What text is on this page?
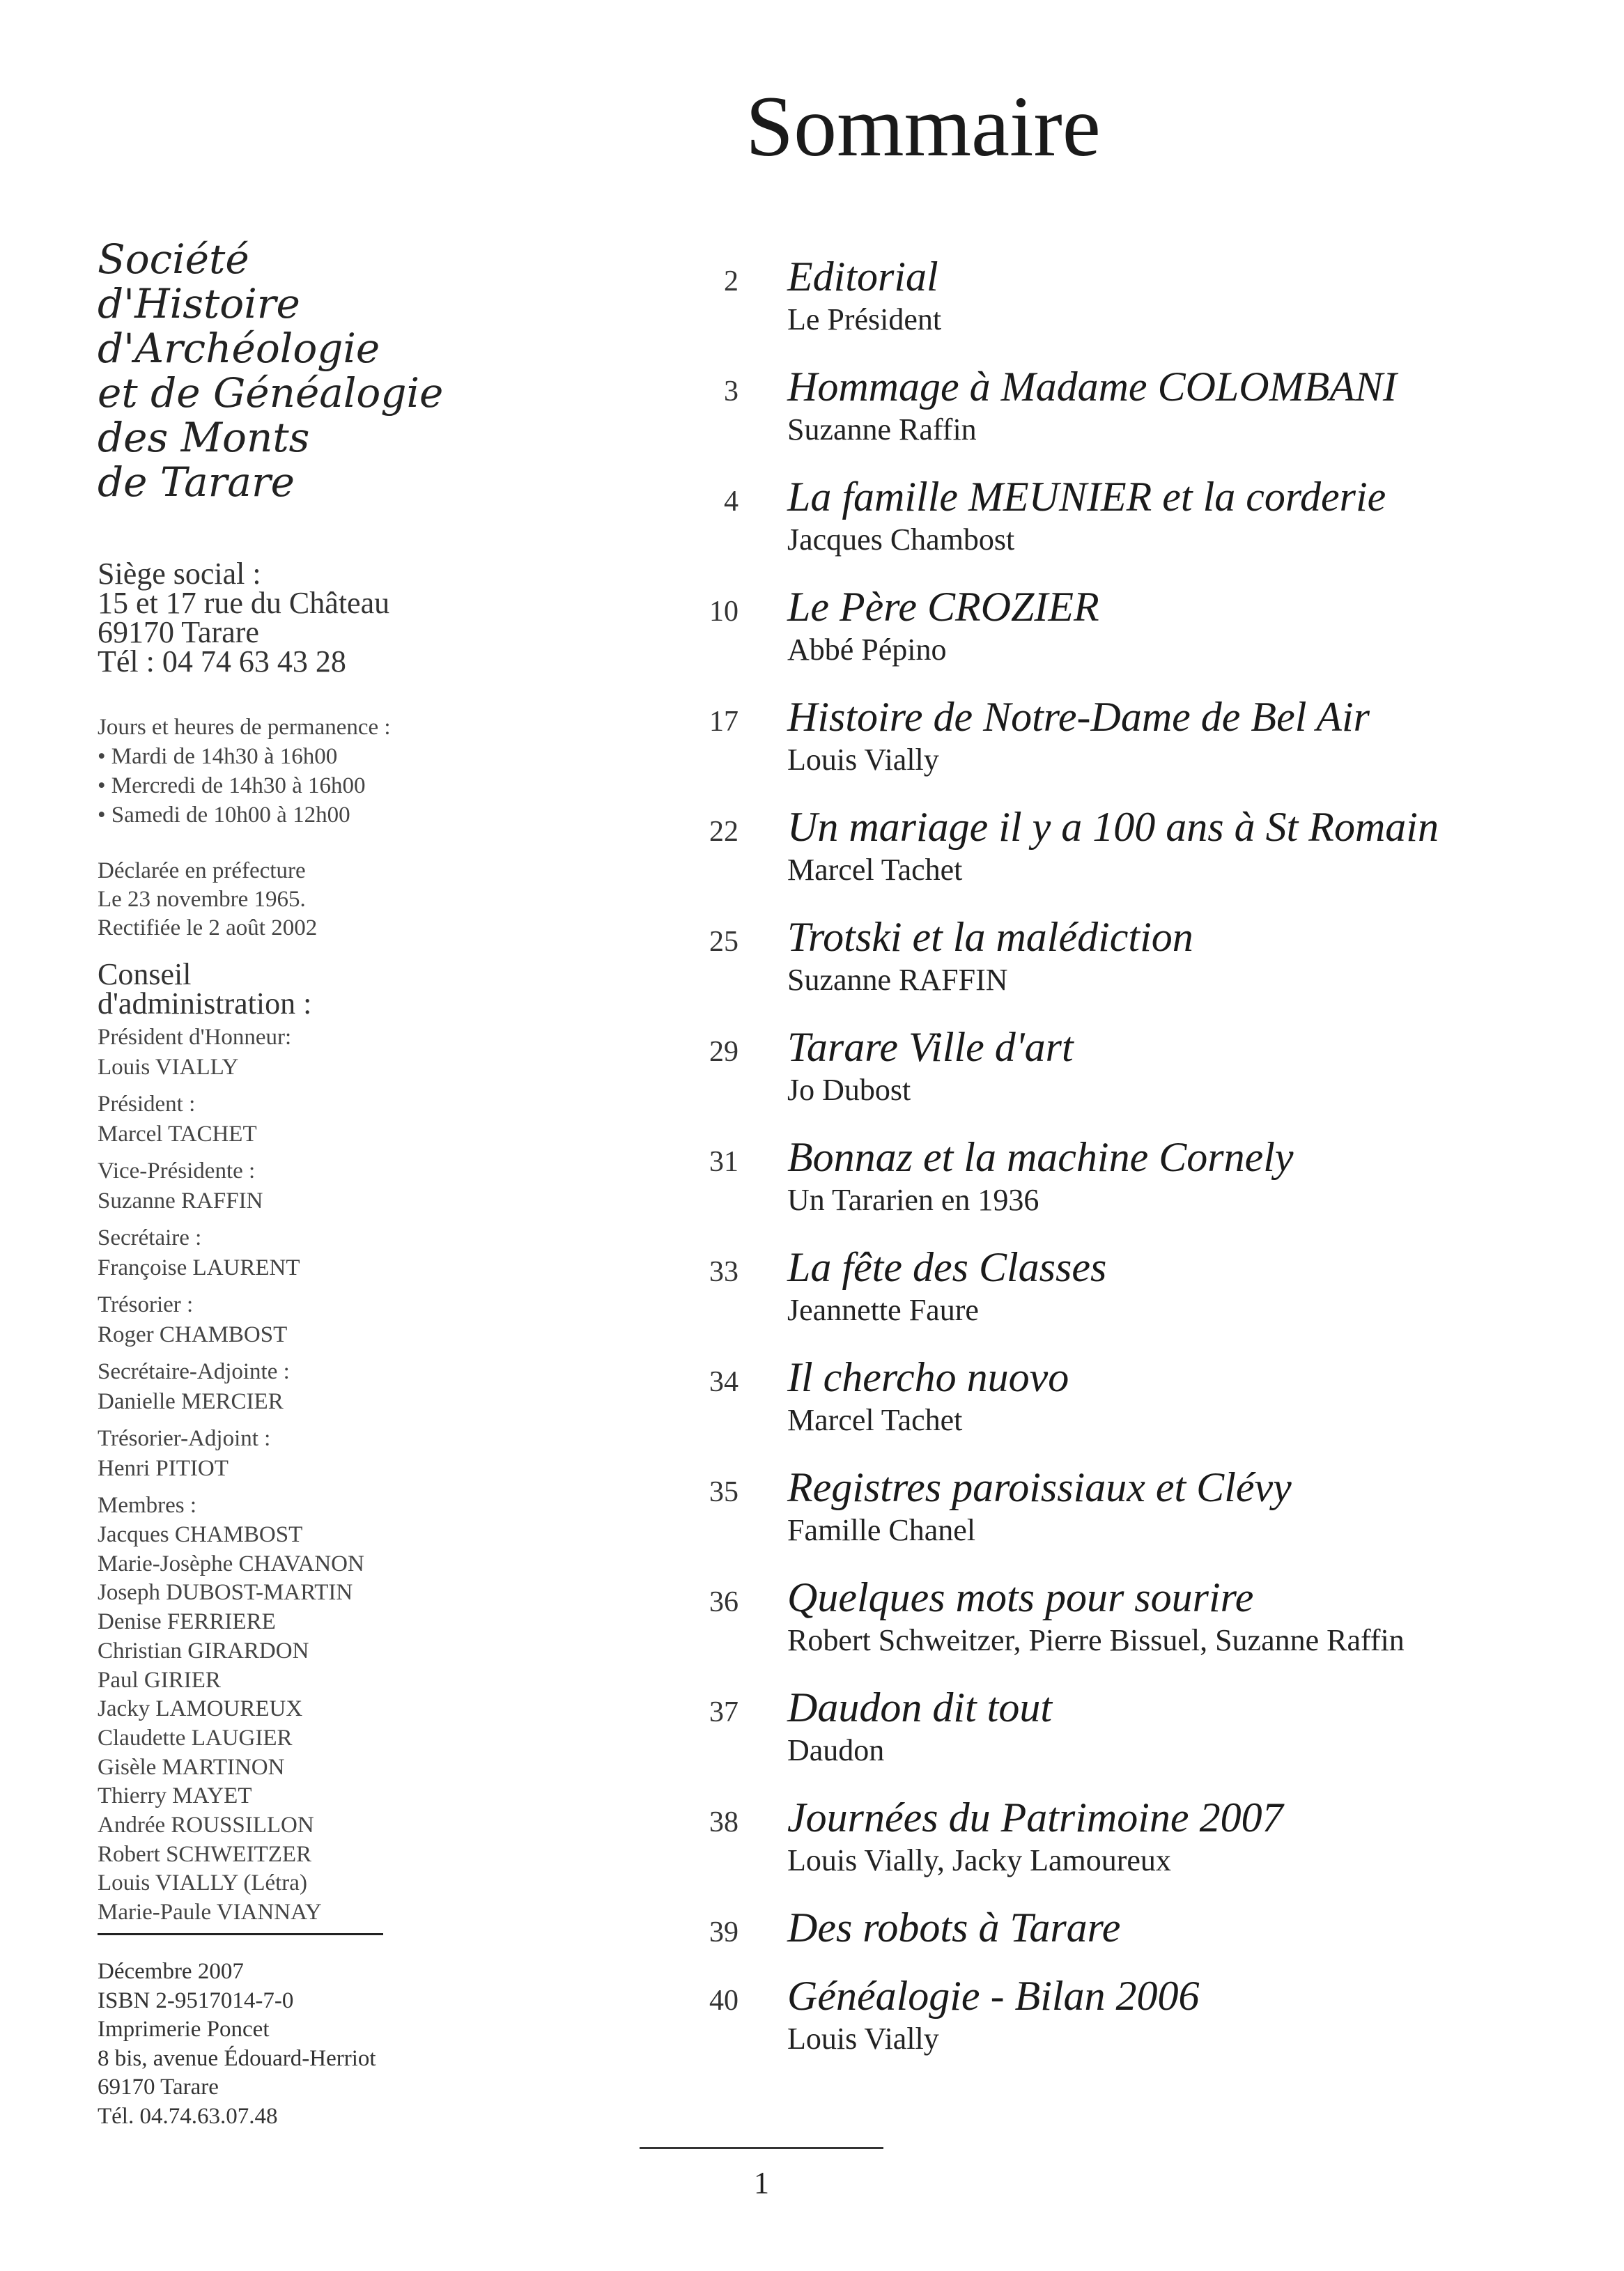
Sommaire
Société
d'Histoire
d'Archéologie
et de Généalogie
des Monts
de Tarare
Siège social :
15 et 17 rue du Château
69170 Tarare
Tél : 04 74 63 43 28
Jours et heures de permanence :
• Mardi de 14h30 à 16h00
• Mercredi de 14h30 à 16h00
• Samedi de 10h00 à 12h00
Déclarée en préfecture
Le 23 novembre 1965.
Rectifiée le 2 août 2002
Conseil
d'administration :
Président d'Honneur:
Louis VIALLY
Président :
Marcel TACHET
Vice-Présidente :
Suzanne RAFFIN
Secrétaire :
Françoise LAURENT
Trésorier :
Roger CHAMBOST
Secrétaire-Adjointe :
Danielle MERCIER
Trésorier-Adjoint :
Henri PITIOT
Membres :
Jacques CHAMBOST
Marie-Josèphe CHAVANON
Joseph DUBOST-MARTIN
Denise FERRIERE
Christian GIRARDON
Paul GIRIER
Jacky LAMOUREUX
Claudette LAUGIER
Gisèle MARTINON
Thierry MAYET
Andrée ROUSSILLON
Robert SCHWEITZER
Louis VIALLY (Létra)
Marie-Paule VIANNAY
Décembre 2007
ISBN 2-9517014-7-0
Imprimerie Poncet
8 bis, avenue Édouard-Herriot
69170 Tarare
Tél. 04.74.63.07.48
2 Editorial
Le Président
3 Hommage à Madame COLOMBANI
Suzanne Raffin
4 La famille MEUNIER et la corderie
Jacques Chambost
10 Le Père CROZIER
Abbé Pépino
17 Histoire de Notre-Dame de Bel Air
Louis Vially
22 Un mariage il y a 100 ans à St Romain
Marcel Tachet
25 Trotski et la malédiction
Suzanne RAFFIN
29 Tarare Ville d'art
Jo Dubost
31 Bonnaz et la machine Cornely
Un Tararien en 1936
33 La fête des Classes
Jeannette Faure
34 Il chercho nuovo
Marcel Tachet
35 Registres paroissiaux et Clévy
Famille Chanel
36 Quelques mots pour sourire
Robert Schweitzer, Pierre Bissuel, Suzanne Raffin
37 Daudon dit tout
Daudon
38 Journées du Patrimoine 2007
Louis Vially, Jacky Lamoureux
39 Des robots à Tarare
40 Généalogie - Bilan 2006
Louis Vially
1
